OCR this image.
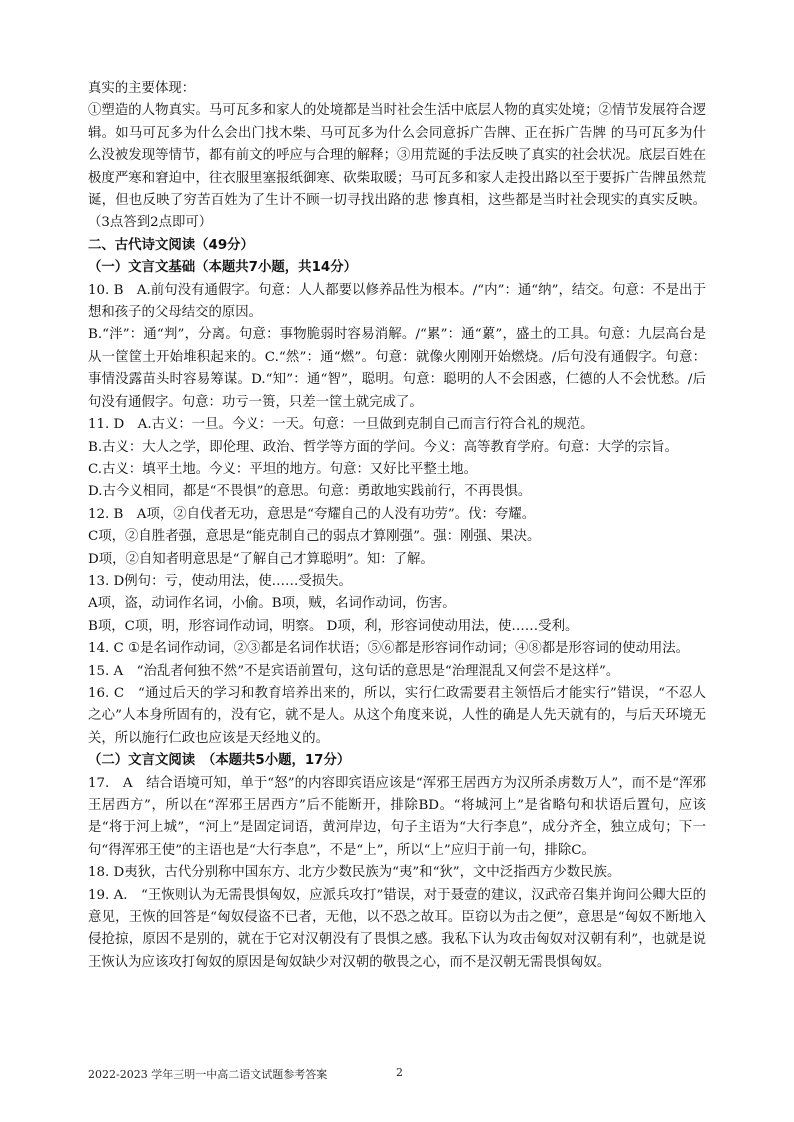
真实的主要体现：

①塑造的人物真实。马可瓦多和家人的处境都是当时社会生活中底层人物的真实处境；②情节发展符合逻辑。如马可瓦多为什么会出门找木柴、马可瓦多为什么会同意拆广告牌、正在拆广告牌 的马可瓦多为什么没被发现等情节，都有前文的呼应与合理的解释；③用荒诞的手法反映了真实的社会状况。底层百姓在极度严寒和窘迫中，往衣服里塞报纸御寒、砍柴取暖；马可瓦多和家人走投出路以至于要拆广告牌虽然荒诞，但也反映了穷苦百姓为了生计不顾一切寻找出路的悲 惨真相，这些都是当时社会现实的真实反映。（3点答到2点即可）

二、古代诗文阅读（49分）

（一）文言文基础（本题共7小题，共14分）

10. B　A.前句没有通假字。句意：人人都要以修养品性为根本。/“内”：通“纳”，结交。句意：不是出于想和孩子的父母结交的原因。

B.“泮”：通“判”，分离。句意：事物脆弱时容易消解。/“累”：通“蔂”，盛土的工具。句意：九层高台是从一筐筐土开始堆积起来的。C.“然”：通“燃”。句意：就像火刚刚开始燃烧。/后句没有通假字。句意：事情没露苗头时容易筹谋。D.“知”：通“智”，聪明。句意：聪明的人不会困惑，仁德的人不会忧愁。/后句没有通假字。句意：功亏一篑，只差一筐土就完成了。

11. D　A.古义：一旦。今义：一天。句意：一旦做到克制自己而言行符合礼的规范。

B.古义：大人之学，即伦理、政治、哲学等方面的学问。今义：高等教育学府。句意：大学的宗旨。

C.古义：填平土地。今义：平坦的地方。句意：又好比平整土地。

D.古今义相同，都是“不畏惧”的意思。句意：勇敢地实践前行，不再畏惧。

12. B　A项，②自伐者无功，意思是“夸耀自己的人没有功劳”。伐：夸耀。

C项，②自胜者强，意思是“能克制自己的弱点才算刚强”。强：刚强、果决。

D项，②自知者明意思是“了解自己才算聪明”。知：了解。

13. D例句：亏，使动用法，使……受损失。

A项，盗，动词作名词，小偷。B项，贼，名词作动词，伤害。

B项，C项，明，形容词作动词，明察。 D项，利，形容词使动用法，使……受利。

14. C ①是名词作动词，②③都是名词作状语；⑤⑥都是形容词作动词；④⑧都是形容词的使动用法。

15. A　“治乱者何独不然”不是宾语前置句，这句话的意思是“治理混乱又何尝不是这样”。

16. C　“通过后天的学习和教育培养出来的，所以，实行仁政需要君主领悟后才能实行”错误，“不忍人之心”人本身所固有的，没有它，就不是人。从这个角度来说，人性的确是人先天就有的，与后天环境无关，所以施行仁政也应该是天经地义的。

（二）文言文阅读　（本题共5小题，17分）

17.　A　结合语境可知，单于“怒”的内容即宾语应该是“浑邪王居西方为汉所杀虏数万人”，而不是“浑邪王居西方”，所以在“浑邪王居西方”后不能断开，排除BD。“将城河上”是省略句和状语后置句，应该是“将于河上城”，“河上”是固定词语，黄河岸边，句子主语为“大行李息”，成分齐全，独立成句；下一句“得浑邪王使”的主语也是“大行李息”，不是“上”，所以“上”应归于前一句，排除C。

18. D夷狄，古代分别称中国东方、北方少数民族为“夷”和“狄”，文中泛指西方少数民族。

19. A.　“王恢则认为无需畏惧匈奴，应派兵攻打”错误，对于聂壹的建议，汉武帝召集并询问公卿大臣的意见，王恢的回答是“匈奴侵盗不已者，无他，以不恐之故耳。臣窃以为击之便”，意思是“匈奴不断地入侵抢掠，原因不是别的，就在于它对汉朝没有了畏惧之感。我私下认为攻击匈奴对汉朝有利”，也就是说王恢认为应该攻打匈奴的原因是匈奴缺少对汉朝的敬畏之心，而不是汉朝无需畏惧匈奴。

2022-2023 学年三明一中高二语文试题参考答案	2
